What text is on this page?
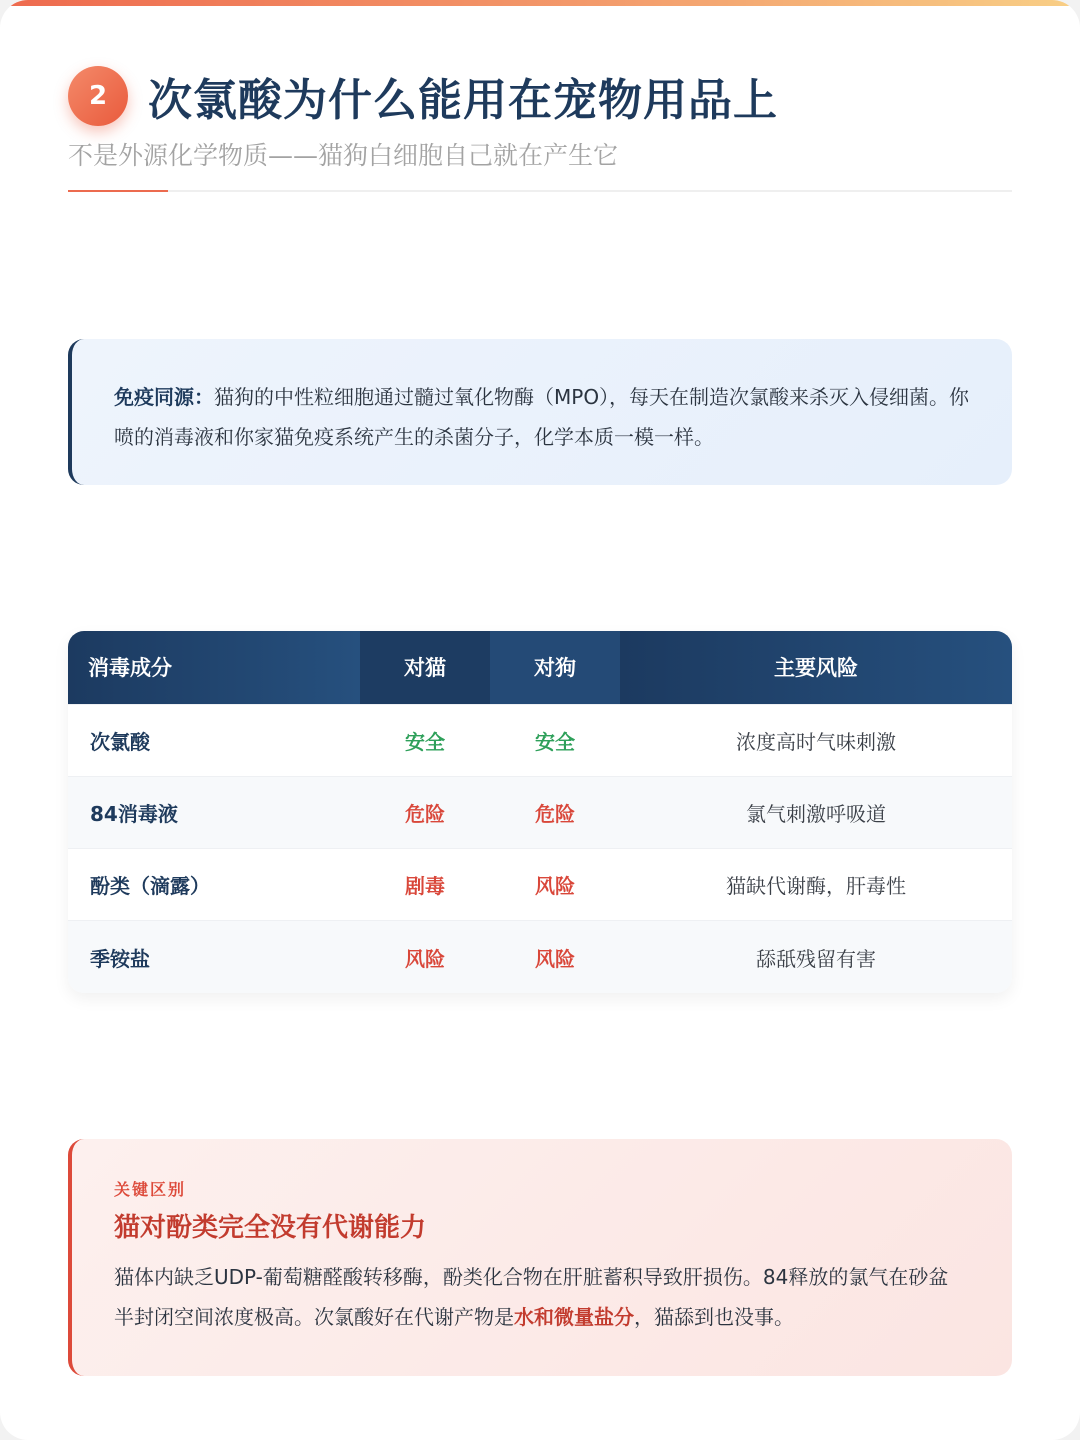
2 次氯酸为什么能用在宠物用品上
不是外源化学物质——猫狗白细胞自己就在产生它
免疫同源：猫狗的中性粒细胞通过髓过氧化物酶（MPO），每天在制造次氯酸来杀灭入侵细菌。你喷的消毒液和你家猫免疫系统产生的杀菌分子，化学本质一模一样。
消毒成分	对猫	对狗	主要风险
次氯酸	安全	安全	浓度高时气味刺激
84消毒液	危险	危险	氯气刺激呼吸道
酚类（滴露）	剧毒	风险	猫缺代谢酶，肝毒性
季铵盐	风险	风险	舔舐残留有害
关键区别
猫对酚类完全没有代谢能力
猫体内缺乏UDP-葡萄糖醛酸转移酶，酚类化合物在肝脏蓄积导致肝损伤。84释放的氯气在砂盆半封闭空间浓度极高。次氯酸好在代谢产物是水和微量盐分，猫舔到也没事。
